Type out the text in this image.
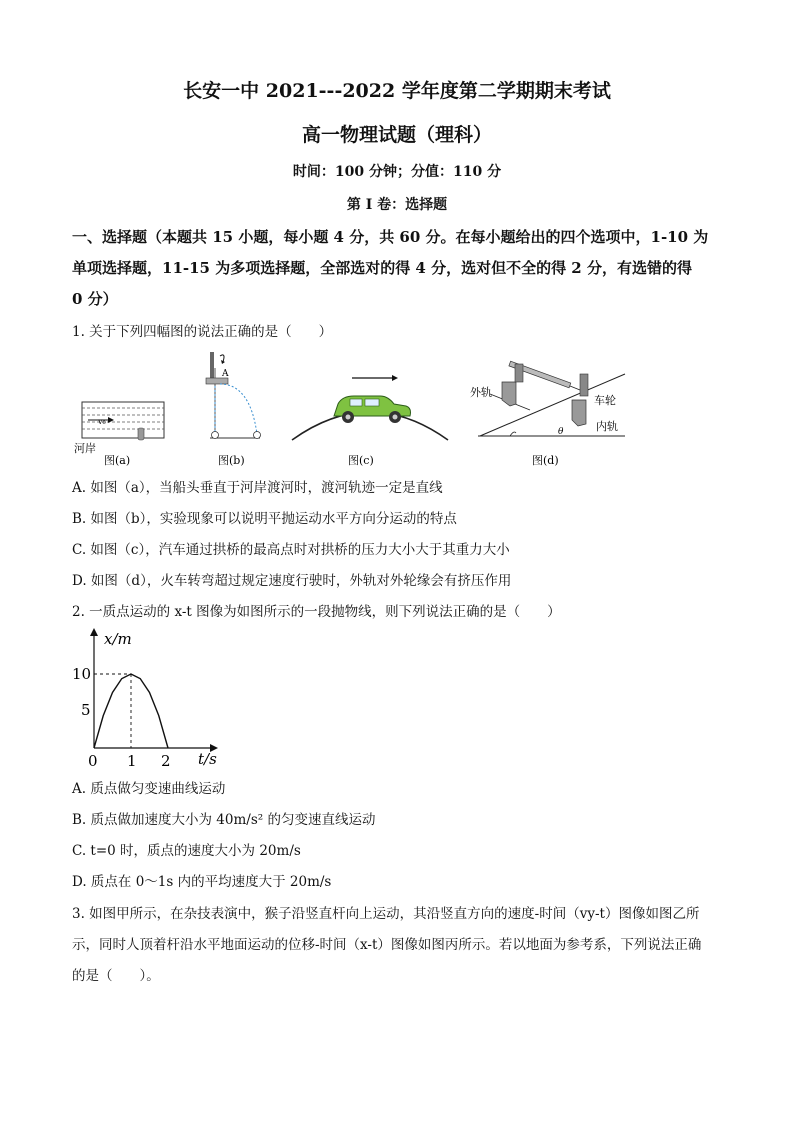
长安一中 2021---2022 学年度第二学期期末考试
高一物理试题（理科）
时间：100 分钟；分值：110 分
第 I 卷：选择题
一、选择题（本题共 15 小题，每小题 4 分，共 60 分。在每小题给出的四个选项中，1-10 为
单项选择题，11-15 为多项选择题，全部选对的得 4 分，选对但不全的得 2 分，有选错的得
0 分）
1. 关于下列四幅图的说法正确的是（　　）
v₀
河岸
图(a)
A
图(b)	图(c)
θ
外轨
车轮
内轨
图(d)
A. 如图（a），当船头垂直于河岸渡河时，渡河轨迹一定是直线
B. 如图（b），实验现象可以说明平抛运动水平方向分运动的特点
C. 如图（c），汽车通过拱桥的最高点时对拱桥的压力大小大于其重力大小
D. 如图（d），火车转弯超过规定速度行驶时，外轨对外轮缘会有挤压作用
2. 一质点运动的 x-t 图像为如图所示的一段抛物线，则下列说法正确的是（　　）
x/m
t/s
10
5
0 1 2
A. 质点做匀变速曲线运动
B. 质点做加速度大小为 40m/s² 的匀变速直线运动
C. t=0 时，质点的速度大小为 20m/s
D. 质点在 0～1s 内的平均速度大于 20m/s
3. 如图甲所示，在杂技表演中，猴子沿竖直杆向上运动，其沿竖直方向的速度-时间（vy-t）图像如图乙所
示，同时人顶着杆沿水平地面运动的位移-时间（x-t）图像如图丙所示。若以地面为参考系，下列说法正确
的是（　　）。
